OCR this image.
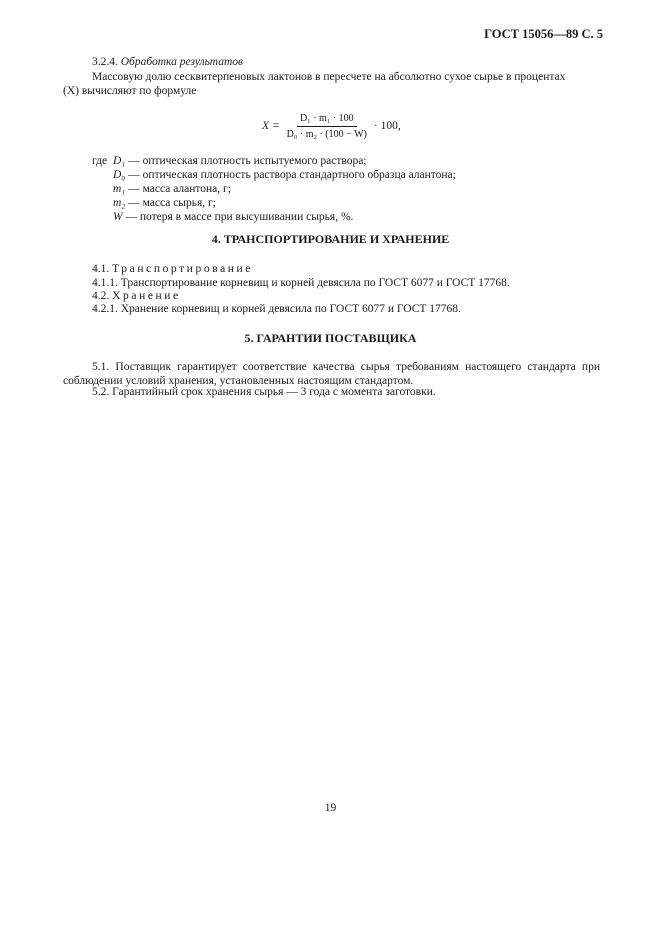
ГОСТ 15056—89 С. 5
3.2.4. Обработка результатов
Массовую долю сесквитерпеновых лактонов в пересчете на абсолютно сухое сырье в процентах
(X) вычисляют по формуле
$X = \frac{\text{D₁ · m₁ · 100}}{\text{D₀ · m₂ · (100 − W)}} \cdot 100$,
где D₁ — оптическая плотность испытуемого раствора;
D₀ — оптическая плотность раствора стандартного образца алантона;
m₁ — масса алантона, г;
m₂ — масса сырья, г;
W — потеря в массе при высушивании сырья, %.
4. ТРАНСПОРТИРОВАНИЕ И ХРАНЕНИЕ
4.1. Транспортирование
4.1.1. Транспортирование корневищ и корней девясила по ГОСТ 6077 и ГОСТ 17768.
4.2. Хранение
4.2.1. Хранение корневищ и корней девясила по ГОСТ 6077 и ГОСТ 17768.
5. ГАРАНТИИ ПОСТАВЩИКА
5.1. Поставщик гарантирует соответствие качества сырья требованиям настоящего стандарта при соблюдении условий хранения, установленных настоящим стандартом.
5.2. Гарантийный срок хранения сырья — 3 года с момента заготовки.
19
